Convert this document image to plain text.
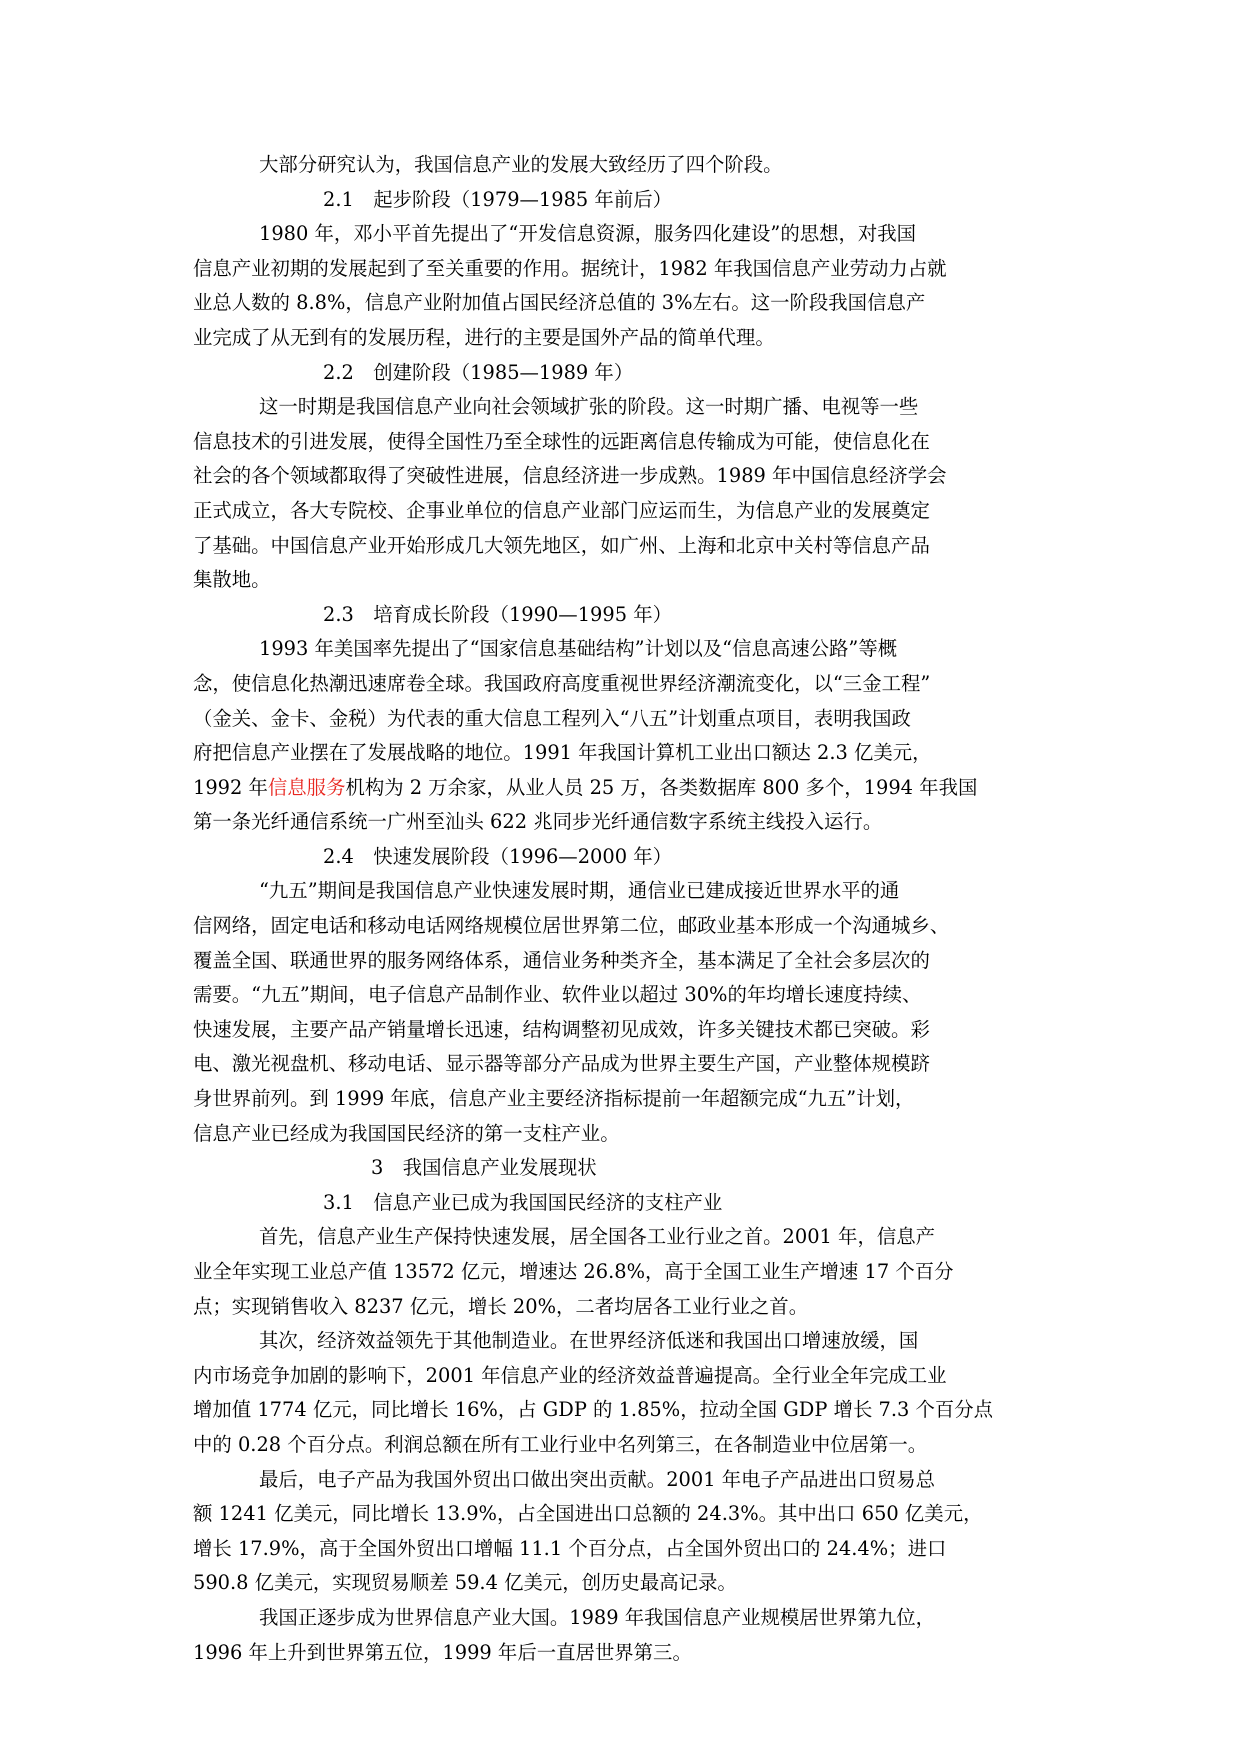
大部分研究认为，我国信息产业的发展大致经历了四个阶段。
2.1　起步阶段（1979—1985 年前后）
1980 年，邓小平首先提出了“开发信息资源，服务四化建设”的思想，对我国
信息产业初期的发展起到了至关重要的作用。据统计，1982 年我国信息产业劳动力占就
业总人数的 8.8%，信息产业附加值占国民经济总值的 3%左右。这一阶段我国信息产
业完成了从无到有的发展历程，进行的主要是国外产品的简单代理。
2.2　创建阶段（1985—1989 年）
这一时期是我国信息产业向社会领域扩张的阶段。这一时期广播、电视等一些
信息技术的引进发展，使得全国性乃至全球性的远距离信息传输成为可能，使信息化在
社会的各个领域都取得了突破性进展，信息经济进一步成熟。1989 年中国信息经济学会
正式成立，各大专院校、企事业单位的信息产业部门应运而生，为信息产业的发展奠定
了基础。中国信息产业开始形成几大领先地区，如广州、上海和北京中关村等信息产品
集散地。
2.3　培育成长阶段（1990—1995 年）
1993 年美国率先提出了“国家信息基础结构”计划以及“信息高速公路”等概
念，使信息化热潮迅速席卷全球。我国政府高度重视世界经济潮流变化，以“三金工程”
（金关、金卡、金税）为代表的重大信息工程列入“八五”计划重点项目，表明我国政
府把信息产业摆在了发展战略的地位。1991 年我国计算机工业出口额达 2.3 亿美元，
1992 年信息服务机构为 2 万余家，从业人员 25 万，各类数据库 800 多个，1994 年我国
第一条光纤通信系统一广州至汕头 622 兆同步光纤通信数字系统主线投入运行。
2.4　快速发展阶段（1996—2000 年）
“九五”期间是我国信息产业快速发展时期，通信业已建成接近世界水平的通
信网络，固定电话和移动电话网络规模位居世界第二位，邮政业基本形成一个沟通城乡、
覆盖全国、联通世界的服务网络体系，通信业务种类齐全，基本满足了全社会多层次的
需要。“九五”期间，电子信息产品制作业、软件业以超过 30%的年均增长速度持续、
快速发展，主要产品产销量增长迅速，结构调整初见成效，许多关键技术都已突破。彩
电、激光视盘机、移动电话、显示器等部分产品成为世界主要生产国，产业整体规模跻
身世界前列。到 1999 年底，信息产业主要经济指标提前一年超额完成“九五”计划，
信息产业已经成为我国国民经济的第一支柱产业。
3　我国信息产业发展现状
3.1　信息产业已成为我国国民经济的支柱产业
首先，信息产业生产保持快速发展，居全国各工业行业之首。2001 年，信息产
业全年实现工业总产值 13572 亿元，增速达 26.8%，高于全国工业生产增速 17 个百分
点；实现销售收入 8237 亿元，增长 20%，二者均居各工业行业之首。
其次，经济效益领先于其他制造业。在世界经济低迷和我国出口增速放缓，国
内市场竞争加剧的影响下，2001 年信息产业的经济效益普遍提高。全行业全年完成工业
增加值 1774 亿元，同比增长 16%，占 GDP 的 1.85%，拉动全国 GDP 增长 7.3 个百分点
中的 0.28 个百分点。利润总额在所有工业行业中名列第三，在各制造业中位居第一。
最后，电子产品为我国外贸出口做出突出贡献。2001 年电子产品进出口贸易总
额 1241 亿美元，同比增长 13.9%，占全国进出口总额的 24.3%。其中出口 650 亿美元，
增长 17.9%，高于全国外贸出口增幅 11.1 个百分点，占全国外贸出口的 24.4%；进口
590.8 亿美元，实现贸易顺差 59.4 亿美元，创历史最高记录。
我国正逐步成为世界信息产业大国。1989 年我国信息产业规模居世界第九位，
1996 年上升到世界第五位，1999 年后一直居世界第三。
